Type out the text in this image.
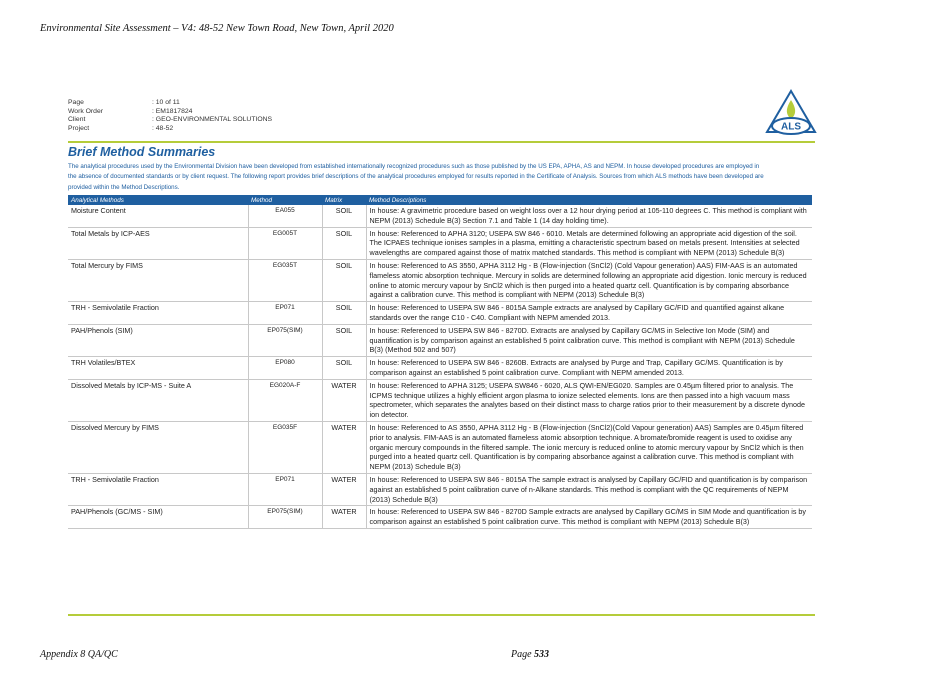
Environmental Site Assessment – V4: 48-52 New Town Road, New Town, April 2020
Page	: 10 of 11
Work Order	: EM1817824
Client	: GEO-ENVIRONMENTAL SOLUTIONS
Project	: 48-52	ALS
Brief Method Summaries
The analytical procedures used by the Environmental Division have been developed from established internationally recognized procedures such as those published by the US EPA, APHA, AS and NEPM. In house developed procedures are employed in the absence of documented standards or by client request. The following report provides brief descriptions of the analytical procedures employed for results reported in the Certificate of Analysis. Sources from which ALS methods have been developed are provided within the Method Descriptions.
Analytical Methods	Method	Matrix	Method Descriptions
Moisture Content	EA055	SOIL	In house: A gravimetric procedure based on weight loss over a 12 hour drying period at 105-110 degrees C. This method is compliant with NEPM (2013) Schedule B(3) Section 7.1 and Table 1 (14 day holding time).
Total Metals by ICP-AES	EG005T	SOIL	In house: Referenced to APHA 3120; USEPA SW 846 - 6010. Metals are determined following an appropriate acid digestion of the soil. The ICPAES technique ionises samples in a plasma, emitting a characteristic spectrum based on metals present. Intensities at selected wavelengths are compared against those of matrix matched standards. This method is compliant with NEPM (2013) Schedule B(3)
Total Mercury by FIMS	EG035T	SOIL	In house: Referenced to AS 3550, APHA 3112 Hg - B (Flow-injection (SnCl2) (Cold Vapour generation) AAS) FIM-AAS is an automated flameless atomic absorption technique. Mercury in solids are determined following an appropriate acid digestion. Ionic mercury is reduced online to atomic mercury vapour by SnCl2 which is then purged into a heated quartz cell. Quantification is by comparing absorbance against a calibration curve. This method is compliant with NEPM (2013) Schedule B(3)
TRH - Semivolatile Fraction	EP071	SOIL	In house: Referenced to USEPA SW 846 - 8015A Sample extracts are analysed by Capillary GC/FID and quantified against alkane standards over the range C10 - C40. Compliant with NEPM amended 2013.
PAH/Phenols (SIM)	EP075(SIM)	SOIL	In house: Referenced to USEPA SW 846 - 8270D. Extracts are analysed by Capillary GC/MS in Selective Ion Mode (SIM) and quantification is by comparison against an established 5 point calibration curve. This method is compliant with NEPM (2013) Schedule B(3) (Method 502 and 507)
TRH Volatiles/BTEX	EP080	SOIL	In house: Referenced to USEPA SW 846 - 8260B. Extracts are analysed by Purge and Trap, Capillary GC/MS. Quantification is by comparison against an established 5 point calibration curve. Compliant with NEPM amended 2013.
Dissolved Metals by ICP-MS - Suite A	EG020A-F	WATER	In house: Referenced to APHA 3125; USEPA SW846 - 6020, ALS QWI-EN/EG020. Samples are 0.45µm filtered prior to analysis. The ICPMS technique utilizes a highly efficient argon plasma to ionize selected elements. Ions are then passed into a high vacuum mass spectrometer, which separates the analytes based on their distinct mass to charge ratios prior to their measurement by a discrete dynode ion detector.
Dissolved Mercury by FIMS	EG035F	WATER	In house: Referenced to AS 3550, APHA 3112 Hg - B (Flow-injection (SnCl2)(Cold Vapour generation) AAS) Samples are 0.45µm filtered prior to analysis. FIM-AAS is an automated flameless atomic absorption technique. A bromate/bromide reagent is used to oxidise any organic mercury compounds in the filtered sample. The ionic mercury is reduced online to atomic mercury vapour by SnCl2 which is then purged into a heated quartz cell. Quantification is by comparing absorbance against a calibration curve. This method is compliant with NEPM (2013) Schedule B(3)
TRH - Semivolatile Fraction	EP071	WATER	In house: Referenced to USEPA SW 846 - 8015A The sample extract is analysed by Capillary GC/FID and quantification is by comparison against an established 5 point calibration curve of n-Alkane standards. This method is compliant with the QC requirements of NEPM (2013) Schedule B(3)
PAH/Phenols (GC/MS - SIM)	EP075(SIM)	WATER	In house: Referenced to USEPA SW 846 - 8270D Sample extracts are analysed by Capillary GC/MS in SIM Mode and quantification is by comparison against an established 5 point calibration curve. This method is compliant with NEPM (2013) Schedule B(3)
Appendix 8 QA/QC	Page 533
